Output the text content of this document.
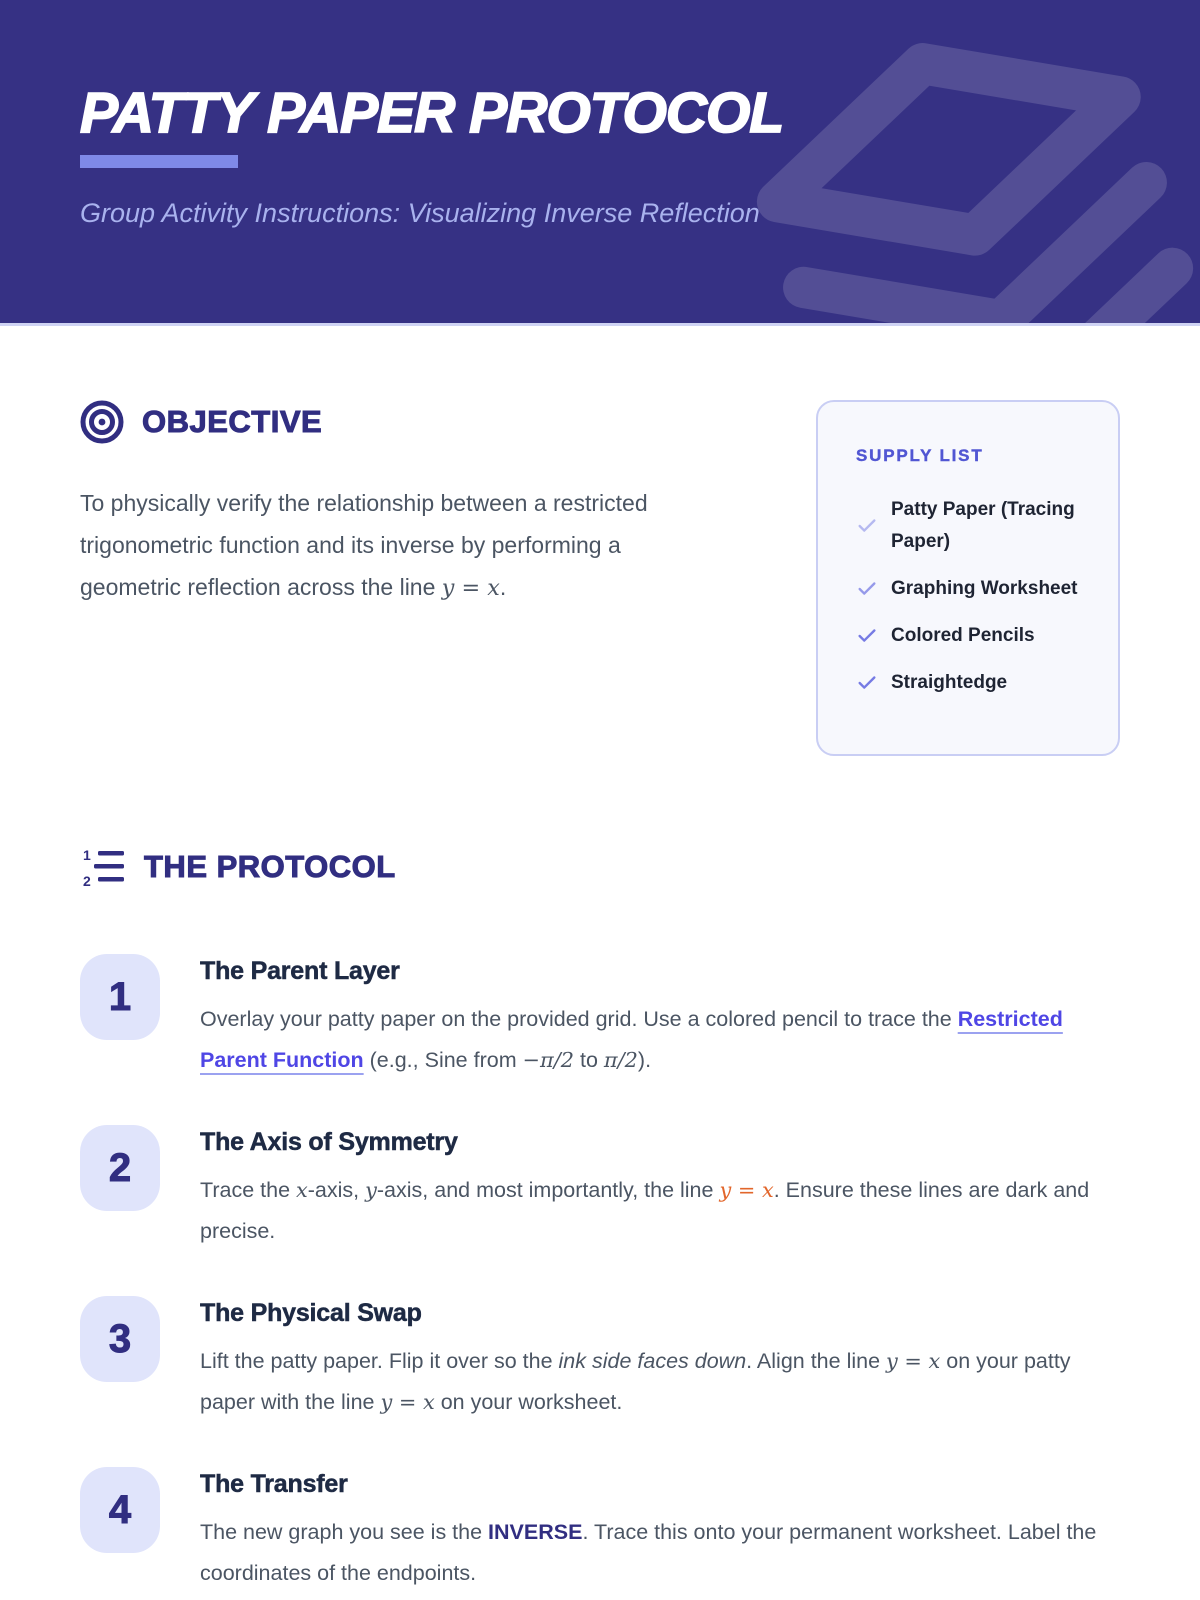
PATTY PAPER PROTOCOL
Group Activity Instructions: Visualizing Inverse Reflection
OBJECTIVE
To physically verify the relationship between a restricted trigonometric function and its inverse by performing a geometric reflection across the line y = x.
SUPPLY LIST
Patty Paper (Tracing Paper)
Graphing Worksheet
Colored Pencils
Straightedge
1
2 THE PROTOCOL
1
The Parent Layer
Overlay your patty paper on the provided grid. Use a colored pencil to trace the Restricted Parent Function (e.g., Sine from −π/2 to π/2).
2
The Axis of Symmetry
Trace the x-axis, y-axis, and most importantly, the line y = x. Ensure these lines are dark and precise.
3
The Physical Swap
Lift the patty paper. Flip it over so the ink side faces down. Align the line y = x on your patty paper with the line y = x on your worksheet.
4
The Transfer
The new graph you see is the INVERSE. Trace this onto your permanent worksheet. Label the coordinates of the endpoints.
